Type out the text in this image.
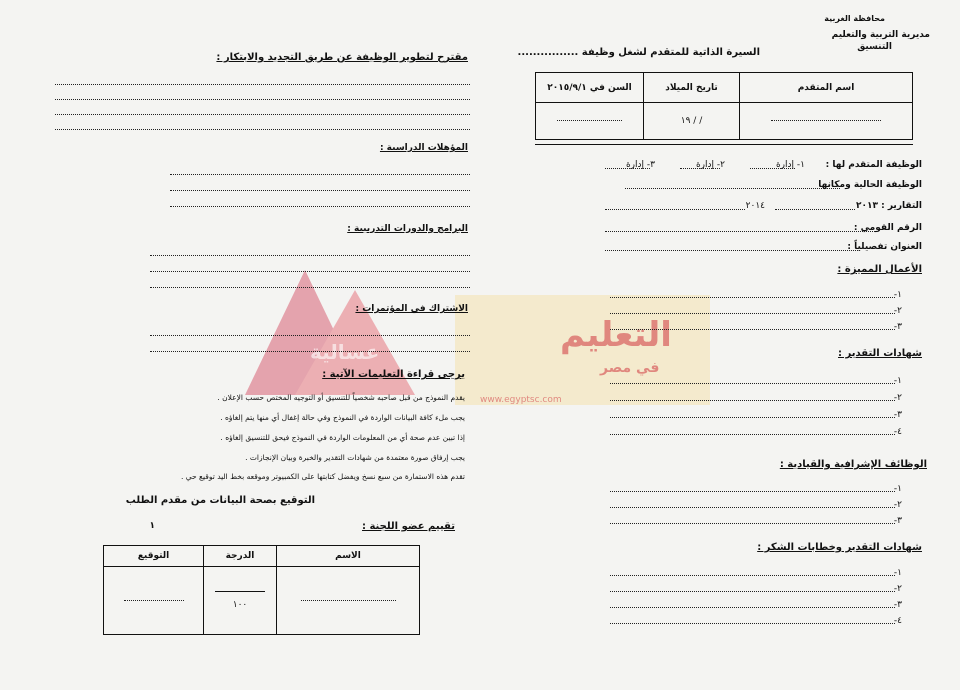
التعليم
في مصر
عسالية
www.egyptsc.com
محافظة الغربية
مديرية التربية والتعليم
التنسيق
السيرة الذاتية للمتقدم لشغل وظيفة ................
اسم المتقدم	تاريخ الميلاد	السن في ٢٠١٥/٩/١
	/ / ١٩	
الوظيفة المتقدم لها :
١- إدارة
٢- إدارة
٣- إدارة
الوظيفة الحالية ومكانها
التقارير : ٢٠١٣
٢٠١٤
الرقم القومي :
العنوان تفصيلياً :
الأعمال المميزة :
١-
٢-
٣-
شهادات التقدير :
١-
٢-
٣-
٤-
الوظائف الإشرافية والقيادية :
١-
٢-
٣-
شهادات التقدير وخطابات الشكر :
١-
٢-
٣-
٤-
مقترح لتطوير الوظيفة عن طريق التجديد والابتكار :
المؤهلات الدراسية :
البرامج والدورات التدريبية :
الاشتراك في المؤتمرات :
يرجى قراءة التعليمات الآتية :
يقدم النموذج من قبل صاحبه شخصياً للتنسيق أو التوجيه المختص حسب الإعلان .
يجب ملء كافة البيانات الواردة في النموذج وفي حالة إغفال أي منها يتم إلغاؤه .
إذا تبين عدم صحة أي من المعلومات الواردة في النموذج فيحق للتنسيق إلغاؤه .
يجب إرفاق صورة معتمدة من شهادات التقدير والخبرة وبيان الإنجازات .
تقدم هذه الاستمارة من سبع نسخ ويفضل كتابتها على الكمبيوتر وموقعه بخط اليد توقيع حي .
التوقيع بصحة البيانات من مقدم الطلب
تقييم عضو اللجنة :
١
الاسم	الدرجة	التوقيع

	١٠٠	
